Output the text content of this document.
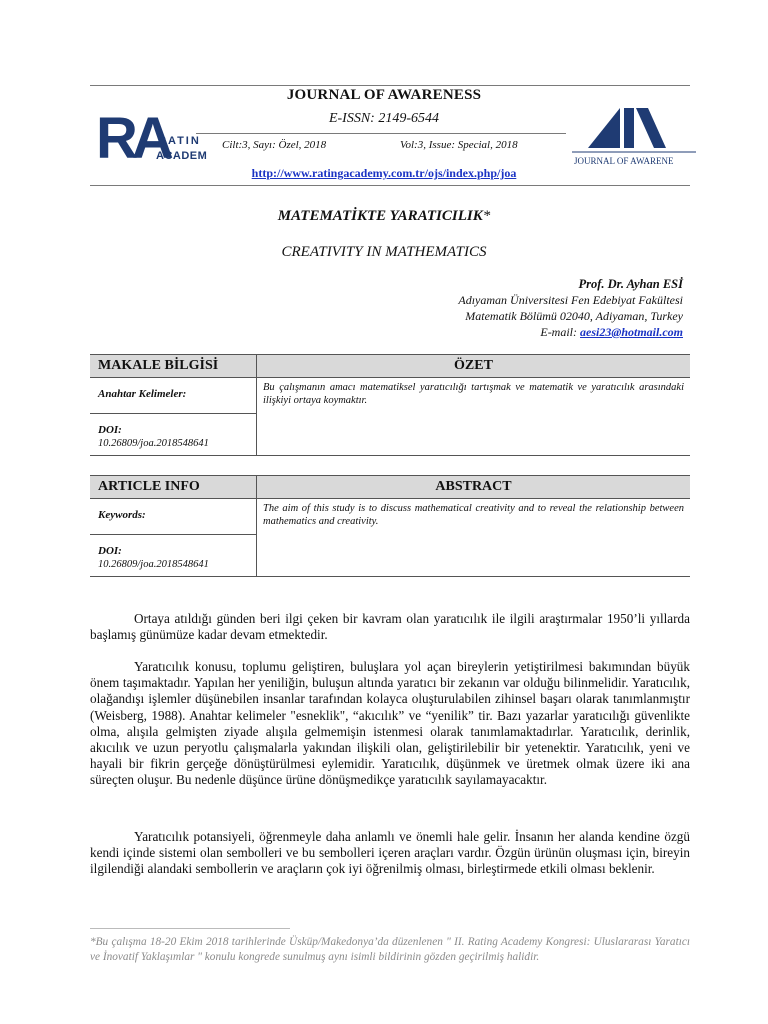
RA
RATIN
ACADEM	JOURNAL OF AWARENE
JOURNAL OF AWARENESS
E-ISSN: 2149-6544
Cilt:3, Sayı: Özel, 2018	Vol:3, Issue: Special, 2018
http://www.ratingacademy.com.tr/ojs/index.php/joa
MATEMATİKTE YARATICILIK*
CREATIVITY IN MATHEMATICS
Prof. Dr. Ayhan ESİ
Adıyaman Üniversitesi Fen Edebiyat Fakültesi
Matematik Bölümü 02040, Adiyaman, Turkey
E-mail: aesi23@hotmail.com
MAKALE BİLGİSİ	ÖZET
Anahtar Kelimeler:
DOI:
10.26809/joa.2018548641
Bu çalışmanın amacı matematiksel yaratıcılığı tartışmak ve matematik ve yaratıcılık arasındaki ilişkiyi ortaya koymaktır.
ARTICLE INFO	ABSTRACT
Keywords:
DOI:
10.26809/joa.2018548641
The aim of this study is to discuss mathematical creativity and to reveal the relationship between mathematics and creativity.
Ortaya atıldığı günden beri ilgi çeken bir kavram olan yaratıcılık ile ilgili araştırmalar 1950’li yıllarda başlamış günümüze kadar devam etmektedir.
Yaratıcılık konusu, toplumu geliştiren, buluşlara yol açan bireylerin yetiştirilmesi bakımından büyük önem taşımaktadır. Yapılan her yeniliğin, buluşun altında yaratıcı bir zekanın var olduğu bilinmelidir. Yaratıcılık, olağandışı işlemler düşünebilen insanlar tarafından kolayca oluşturulabilen zihinsel başarı olarak tanımlanmıştır (Weisberg, 1988). Anahtar kelimeler "esneklik", “akıcılık” ve “yenilik” tir. Bazı yazarlar yaratıcılığı güvenlikte olma, alışıla gelmişten ziyade alışıla gelmemişin istenmesi olarak tanımlamaktadırlar. Yaratıcılık, derinlik, akıcılık ve uzun peryotlu çalışmalarla yakından ilişkili olan, geliştirilebilir bir yetenektir. Yaratıcılık, yeni ve hayali bir fikrin gerçeğe dönüştürülmesi eylemidir. Yaratıcılık, düşünmek ve üretmek olmak üzere iki ana süreçten oluşur. Bu nedenle düşünce ürüne dönüşmedikçe yaratıcılık sayılamayacaktır.
Yaratıcılık potansiyeli, öğrenmeyle daha anlamlı ve önemli hale gelir. İnsanın her alanda kendine özgü kendi içinde sistemi olan sembolleri ve bu sembolleri içeren araçları vardır. Özgün ürünün oluşması için, bireyin ilgilendiği alandaki sembollerin ve araçların çok iyi öğrenilmiş olması, birleştirmede etkili olması beklenir.
*Bu çalışma 18-20 Ekim 2018 tarihlerinde Üsküp/Makedonya’da düzenlenen " II. Rating Academy Kongresi: Uluslararası Yaratıcı ve İnovatif Yaklaşımlar " konulu kongrede sunulmuş aynı isimli bildirinin gözden geçirilmiş halidir.
